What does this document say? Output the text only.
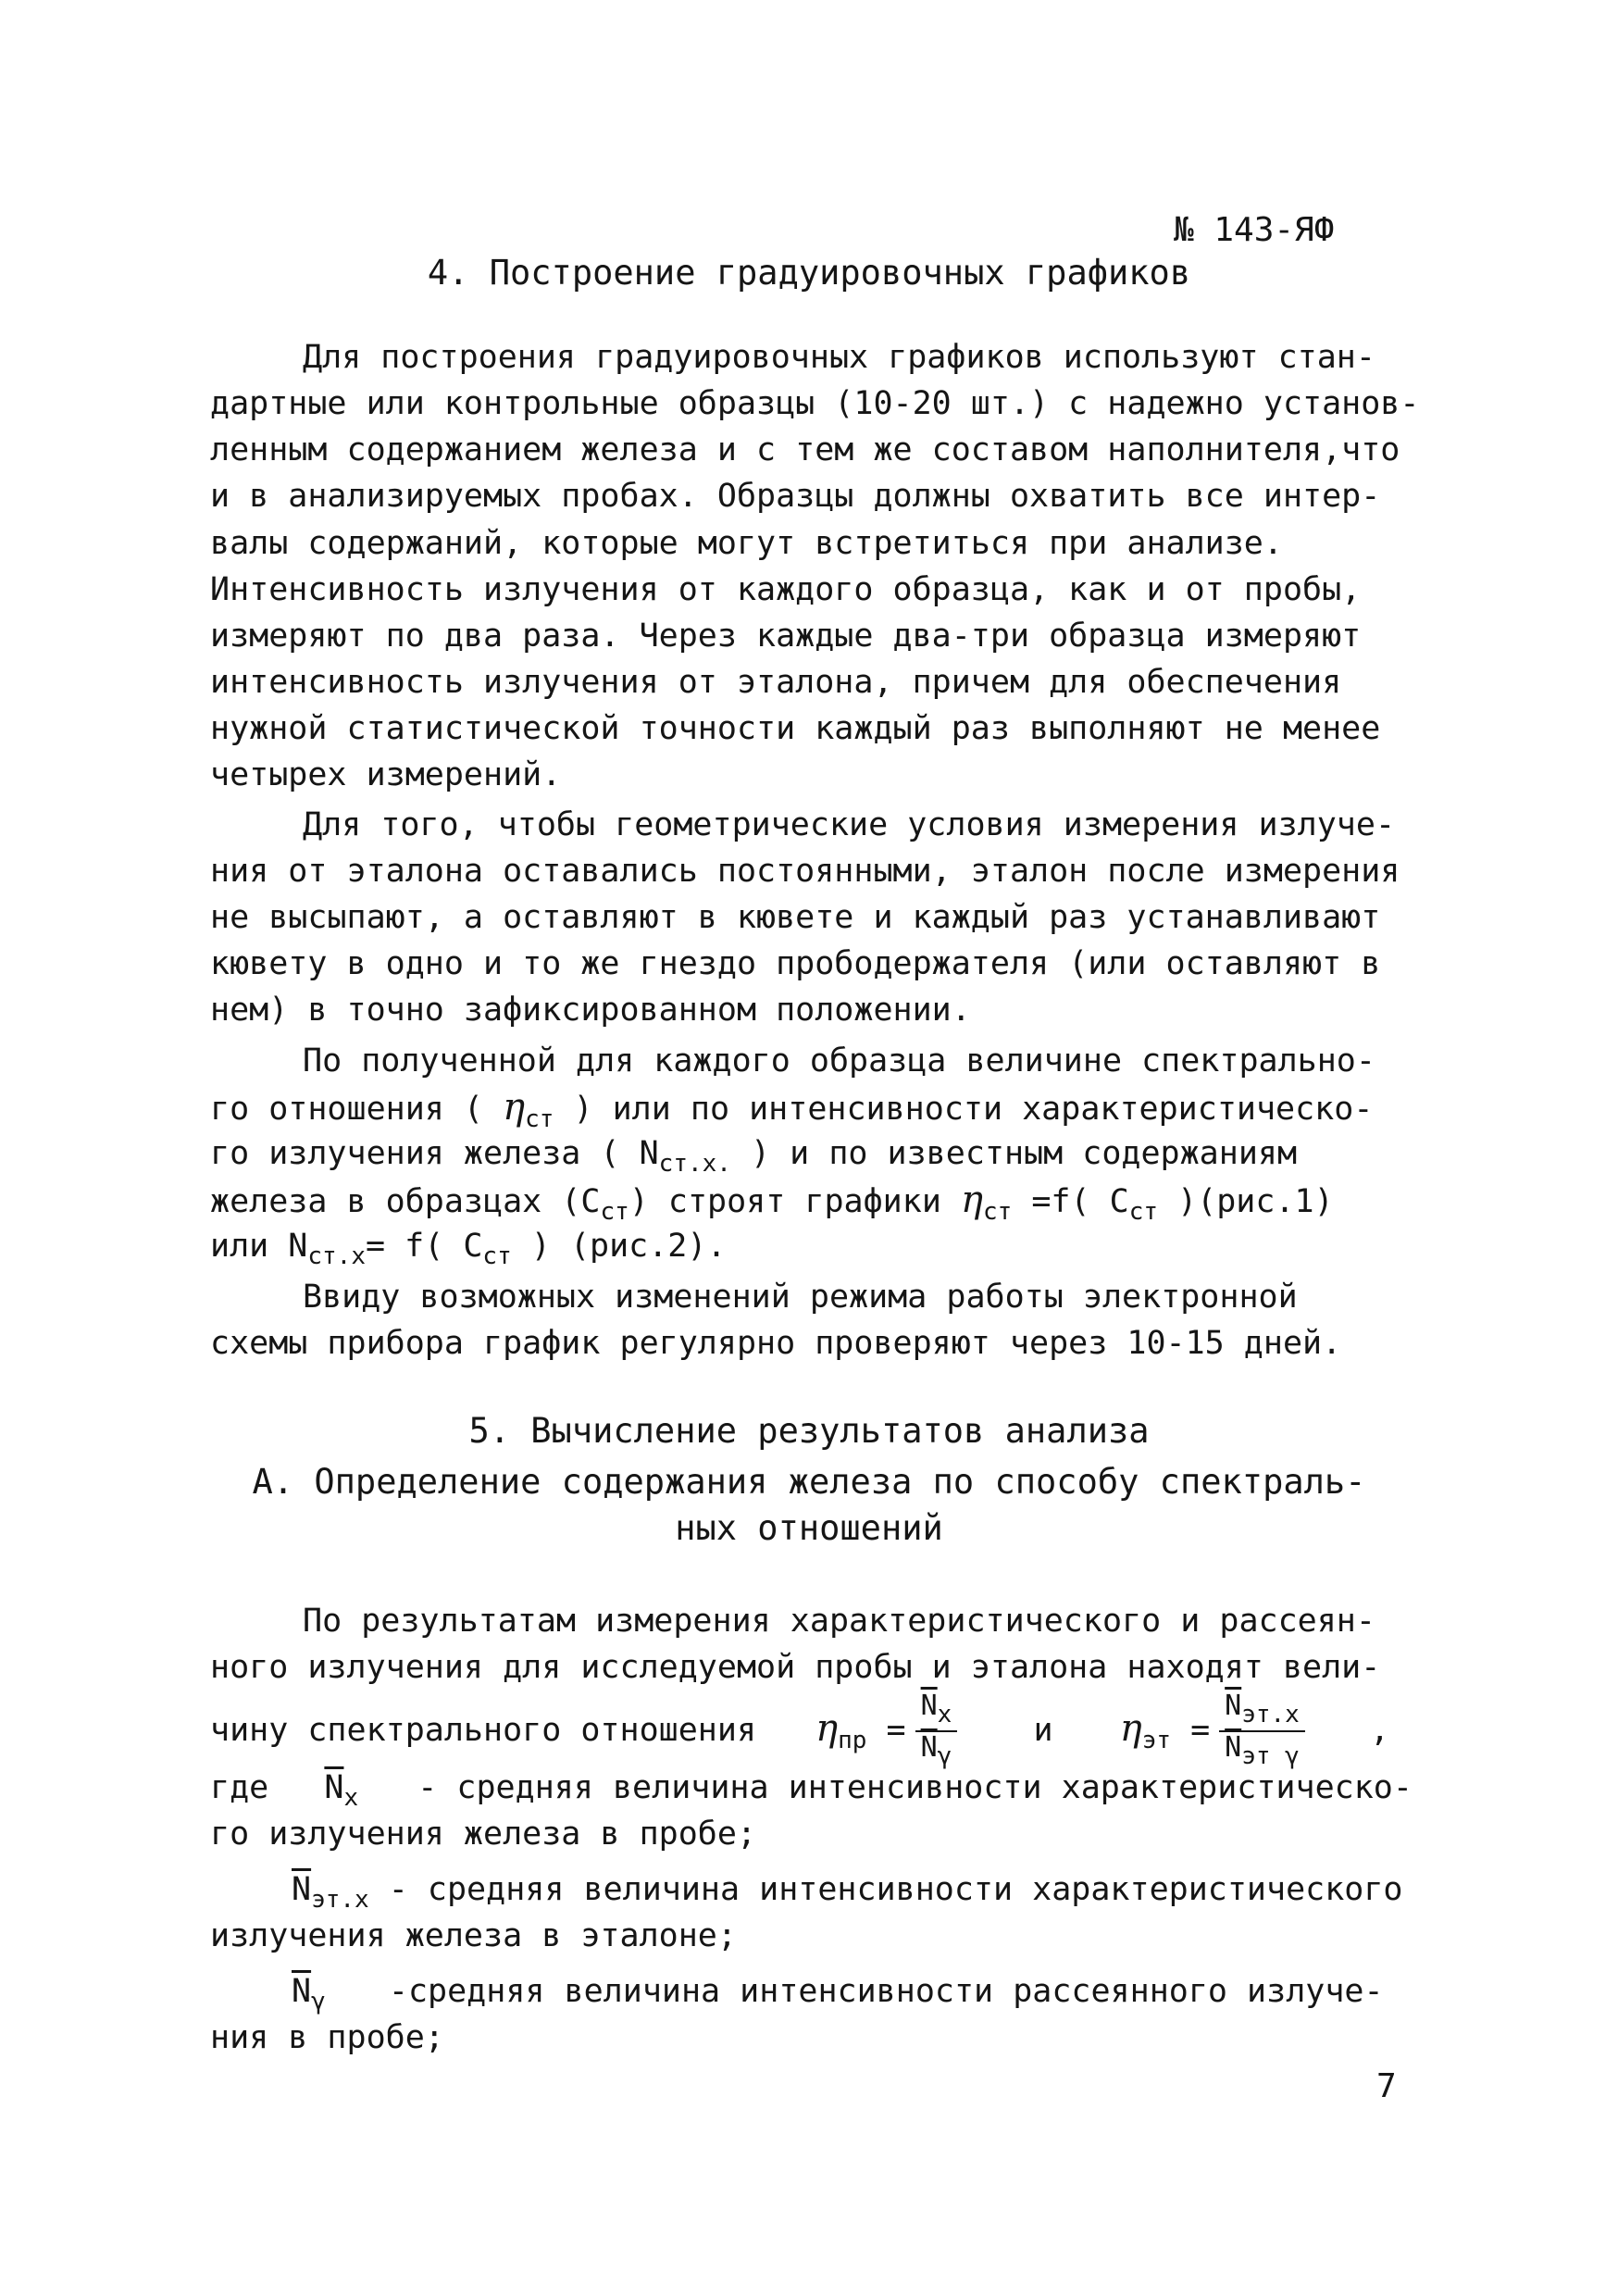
№ 143-ЯФ
4. Построение градуировочных графиков
Для построения градуировочных графиков используют стан-
дартные или контрольные образцы (10-20 шт.) с надежно установ-
ленным содержанием железа и с тем же составом наполнителя,что
и в анализируемых пробах. Образцы должны охватить все интер-
валы содержаний, которые могут встретиться при анализе.
Интенсивность излучения от каждого образца, как и от пробы,
измеряют по два раза. Через каждые два-три образца измеряют
интенсивность излучения от эталона, причем для обеспечения
нужной статистической точности каждый раз выполняют не менее
четырех измерений.
Для того, чтобы геометрические условия измерения излуче-
ния от эталона оставались постоянными, эталон после измерения
не высыпают, а оставляют в кювете и каждый раз устанавливают
кювету в одно и то же гнездо прободержателя (или оставляют в
нем) в точно зафиксированном положении.
По полученной для каждого образца величине спектрально-
го отношения ( $\eta_{ст}$ ) или по интенсивности характеристическо-
го излучения железа ( $N_{ст.х.}$ ) и по известным содержаниям
железа в образцах $(С_{ст})$ строят графики $\eta_{ст} =f$( $С_{ст}$ )(рис.1)
или $N_{ст.х}= f$( $С_{ст}$ ) (рис.2).
Ввиду возможных изменений режима работы электронной
схемы прибора график регулярно проверяют через 10-15 дней.
5. Вычисление результатов анализа
А. Определение содержания железа по способу спектраль-
ных отношений
По результатам измерения характеристического и рассеян-
ного излучения для исследуемой пробы и эталона находят вели-
чину спектрального отношения $\eta_{пр} = \frac{\overline{N}х}{\overline{N}\gamma}$ и $\eta_{эт} = \frac{\overline{N}эт.х}{\overline{N}эт \gamma}$ ,
где $\overline{N}_х$ - средняя величина интенсивности характеристическо-
го излучения железа в пробе;
$\overline{N}_{эт.х}$ - средняя величина интенсивности характеристического
излучения железа в эталоне;
$\overline{N}_\gamma$ -средняя величина интенсивности рассеянного излуче-
ния в пробе;
7
